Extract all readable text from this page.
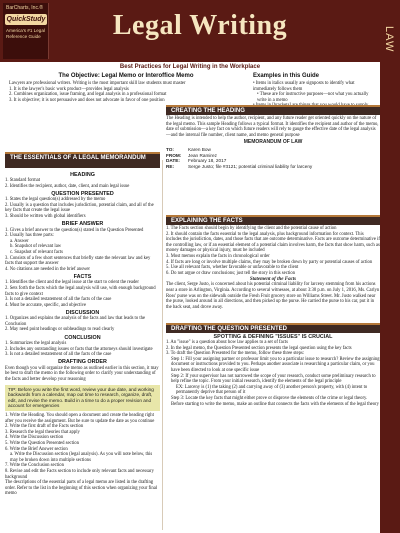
BarCharts, Inc.®
QuickStudy
America's #1 Legal Reference Guide	Legal Writing	LAW
Best Practices for Legal Writing in the Workplace
The Objective: Legal Memo or Interoffice Memo
Lawyers are professional writers. Writing is the most important skill law students must master
1. It is the lawyer's basic work product—provides legal analysis
2. Combines organization, issue framing, and legal analysis in a professional format
3. It is objective; it is not persuasive and does not advocate in favor of one position
Examples in this Guide
• Items in italics usually are signposts to identify what immediately follows them
• These are for instructive purposes—not what you actually write in a memo
THE ESSENTIALS OF A LEGAL MEMORANDUM
HEADING
1. Standard format
2. Identifies the recipient, author, date, client, and main legal issue
QUESTION PRESENTED
1. States the legal question(s) addressed by the memo
2. Usually is a question that includes jurisdiction, potential claim, and all of the key facts that create the legal issue
3. Should be written with global identifiers
BRIEF ANSWER
1. Gives a brief answer to the question(s) stated in the Question Presented
2. Usually has three parts:
a. Answer
b. Snapshot of relevant law
c. Snapshot of relevant facts
3. Consists of a few short sentences that briefly state the relevant law and key facts that support the answer
4. No citations are needed in the brief answer
FACTS
1. Identifies the client and the legal issue at the start to orient the reader
2. Sets forth the facts which the legal analysis will use, with enough background facts to give context
3. Is not a detailed restatement of all the facts of the case
4. Must be accurate, specific, and objective
DISCUSSION
1. Organizes and explains the analysis of the facts and law that leads to the Conclusion
2. May need point headings or subheadings to read clearly
CONCLUSION
1. Summarizes the legal analysis
2. Includes any outstanding issues or facts that the attorneys should investigate
3. Is not a detailed restatement of all the facts of the case
DRAFTING ORDER
Even though you will organize the memo as outlined earlier in this section, it may be best to draft the memo in the following order to clarify your understanding of the facts and better develop your reasoning
TIP: Before you write the first word, review your due date, and working backwards from a calendar, map out time to research, organize, draft, edit, and revise the memo. Build in a time to do a proper revision and account for emergencies
1. Write the Heading. You should open a document and create the heading right after you receive the assignment. But be sure to update the date as you continue
2. Write the first draft of the Facts section
3. Research the legal theories that apply
4. Write the Discussion section
5. Write the Question Presented section
6. Write the Brief Answer section
a. Write the Discussion section (legal analysis). As you will note below, this may be broken down into multiple sections
7. Write the Conclusion section
8. Revise and edit the Facts section to include only relevant facts and necessary background
The descriptions of the essential parts of a legal memo are listed in the drafting order. Refer to the list in the beginning of this section when organizing your final memo
CREATING THE HEADING
The Heading is intended to help the author, recipient, and any future reader get oriented quickly on the nature of the legal memo. This sample Heading follows a typical format. It identifies the recipient and author of the memo, date of submission—a key fact on which future readers will rely to gauge the effective date of the legal analysis—and the internal file number, client name, and memo general purpose
MEMORANDUM OF LAW
TO:	Karen Bow
FROM:	Jean Ramirez
DATE:	February 18, 2017
RE:	Serge Justo; file #3121; potential criminal liability for larceny
EXPLAINING THE FACTS
1. The Facts section should begin by identifying the client and the potential cause of action
2. It should contain the facts essential to the legal analysis, plus background information for context. This includes the jurisdiction, dates, and those facts that are outcome determinative. Facts are outcome determinative if the controlling law, or if an essential element of a potential claim involves harm, the facts that show harm, such as money damages or physical injury, must be included
3. Most memos explain the facts in chronological order
4. If facts are long or involve multiple claims, they may be broken down by party or potential causes of action
5. Use all relevant facts, whether favorable or unfavorable to the client
6. Do not argue or draw conclusions; just tell the story in this section
Statement of the Facts
The client, Serge Justo, is concerned about his potential criminal liability for larceny stemming from his actions near a store in Arlington, Virginia. According to several witnesses, at about 3:30 p.m. on July 1, 2016, Ms. Carlyn Ross' purse was on the sidewalk outside the Fresh Fruit grocery store on Williams Street. Mr. Justo walked near the purse, looked around in all directions, and then picked up the purse. He carried the purse to his car, put it in the back seat, and drove away.
DRAFTING THE QUESTION PRESENTED
SPOTTING & DEFINING "ISSUES" IS CRUCIAL
1. An "issue" is a question about how law applies to a set of facts
2. In the legal memo, the Question Presented section presents the legal question using the key facts
3. To draft the Question Presented for the memo, follow these three steps:
Step 1: Fill your assigning partner or professor limit you to a particular issue to research? Review the assigning document or instructions provided to you. Perhaps another associate is researching a particular claim, or you have been directed to look at one specific issue
Step 2: If your supervisor has not narrowed the scope of your research, conduct some preliminary research to help refine the topic. From your initial research, identify the elements of the legal principle
EX: Larceny is (1) the taking (2) and carrying away of (3) another person's property, with (4) intent to permanently deprive that person of it
Step 3: Locate the key facts that might either prove or disprove the elements of the crime or legal theory. Before starting to write the memo, make an outline that connects the facts with the elements of the legal theory
